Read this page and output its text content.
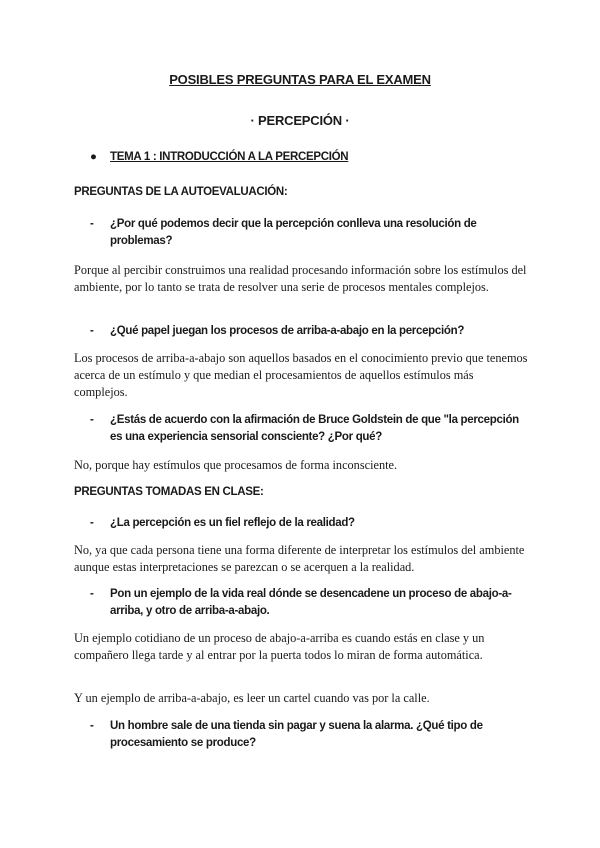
POSIBLES PREGUNTAS PARA EL EXAMEN
· PERCEPCIÓN ·
● TEMA 1 : INTRODUCCIÓN A LA PERCEPCIÓN
PREGUNTAS DE LA AUTOEVALUACIÓN:
- ¿Por qué podemos decir que la percepción conlleva una resolución de problemas?
Porque al percibir construimos una realidad procesando información sobre los estímulos del ambiente, por lo tanto se trata de resolver una serie de procesos mentales complejos.
- ¿Qué papel juegan los procesos de arriba-a-abajo en la percepción?
Los procesos de arriba-a-abajo son aquellos basados en el conocimiento previo que tenemos acerca de un estímulo y que median el procesamientos de aquellos estímulos más complejos.
- ¿Estás de acuerdo con la afirmación de Bruce Goldstein de que "la percepción es una experiencia sensorial consciente? ¿Por qué?
No, porque hay estímulos que procesamos de forma inconsciente.
PREGUNTAS TOMADAS EN CLASE:
- ¿La percepción es un fiel reflejo de la realidad?
No, ya que cada persona tiene una forma diferente de interpretar los estímulos del ambiente aunque estas interpretaciones se parezcan o se acerquen a la realidad.
- Pon un ejemplo de la vida real dónde se desencadene un proceso de abajo-a-arriba, y otro de arriba-a-abajo.
Un ejemplo cotidiano de un proceso de abajo-a-arriba es cuando estás en clase y un compañero llega tarde y al entrar por la puerta todos lo miran de forma automática.
Y un ejemplo de arriba-a-abajo, es leer un cartel cuando vas por la calle.
- Un hombre sale de una tienda sin pagar y suena la alarma. ¿Qué tipo de procesamiento se produce?
